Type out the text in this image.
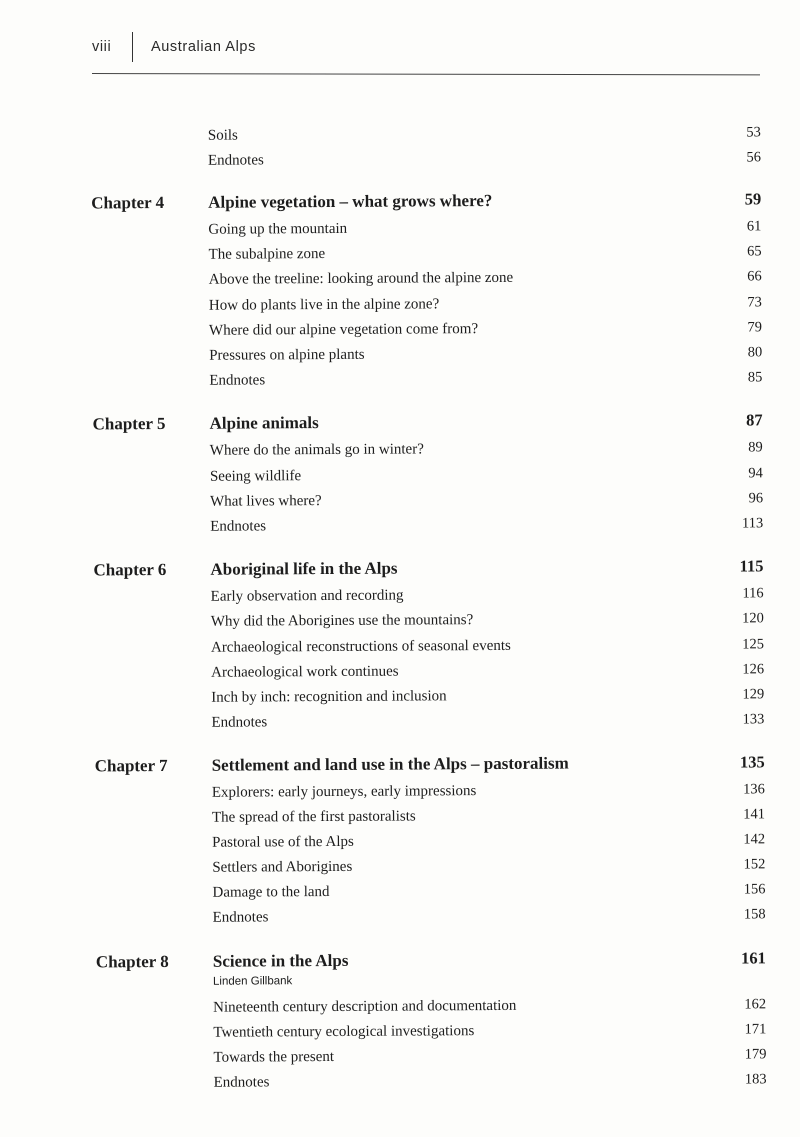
viii	Australian Alps
Soils	53
Endnotes	56
Chapter 4	Alpine vegetation – what grows where?	59
Going up the mountain	61
The subalpine zone	65
Above the treeline: looking around the alpine zone	66
How do plants live in the alpine zone?	73
Where did our alpine vegetation come from?	79
Pressures on alpine plants	80
Endnotes	85
Chapter 5	Alpine animals	87
Where do the animals go in winter?	89
Seeing wildlife	94
What lives where?	96
Endnotes	113
Chapter 6	Aboriginal life in the Alps	115
Early observation and recording	116
Why did the Aborigines use the mountains?	120
Archaeological reconstructions of seasonal events	125
Archaeological work continues	126
Inch by inch: recognition and inclusion	129
Endnotes	133
Chapter 7	Settlement and land use in the Alps – pastoralism	135
Explorers: early journeys, early impressions	136
The spread of the first pastoralists	141
Pastoral use of the Alps	142
Settlers and Aborigines	152
Damage to the land	156
Endnotes	158
Chapter 8	Science in the Alps	161
Linden Gillbank
Nineteenth century description and documentation	162
Twentieth century ecological investigations	171
Towards the present	179
Endnotes	183
